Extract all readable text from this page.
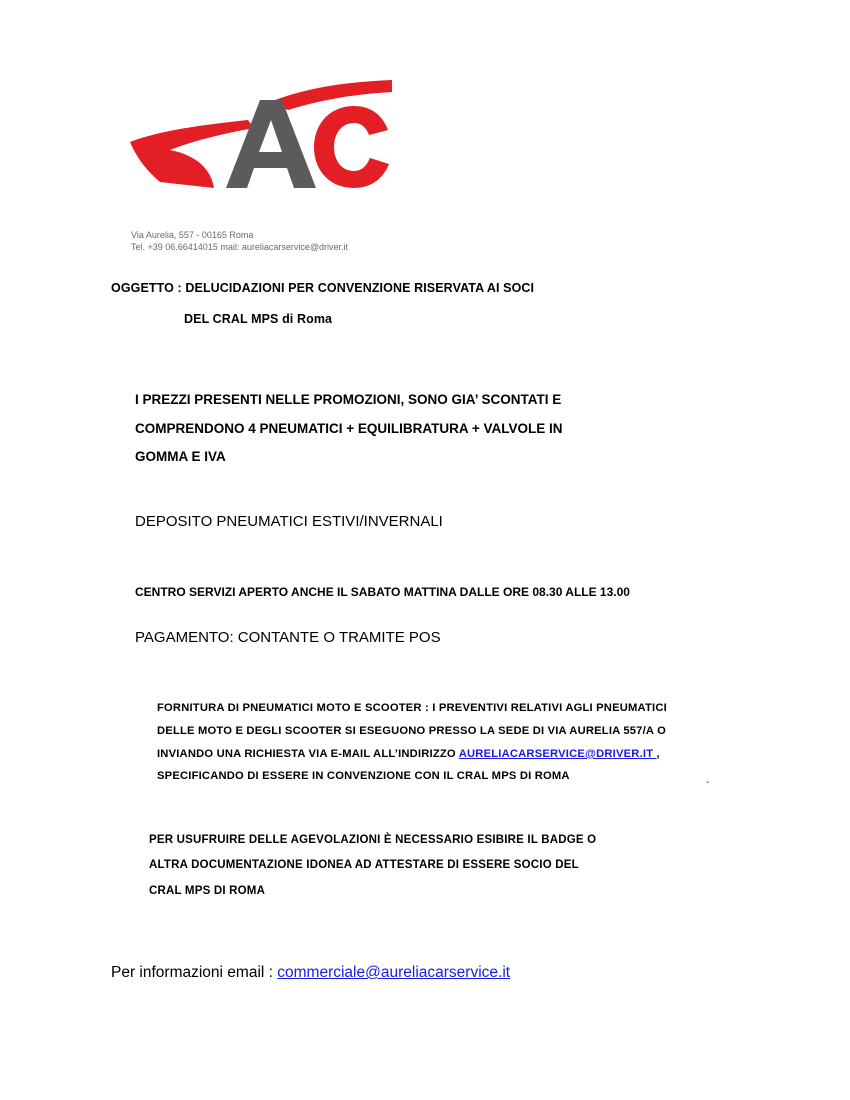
Via Aurelia, 557 - 00165 Roma
Tel. +39 06.66414015 mail: aureliacarservice@driver.it
OGGETTO : DELUCIDAZIONI PER CONVENZIONE RISERVATA AI SOCI
DEL CRAL MPS di Roma
I PREZZI PRESENTI NELLE PROMOZIONI, SONO GIA’ SCONTATI E
COMPRENDONO 4 PNEUMATICI + EQUILIBRATURA + VALVOLE IN
GOMMA E IVA
DEPOSITO PNEUMATICI ESTIVI/INVERNALI
CENTRO SERVIZI APERTO ANCHE IL SABATO MATTINA DALLE ORE 08.30 ALLE 13.00
PAGAMENTO: CONTANTE O TRAMITE POS
FORNITURA DI PNEUMATICI MOTO E SCOOTER : I PREVENTIVI RELATIVI AGLI PNEUMATICI
DELLE MOTO E DEGLI SCOOTER SI ESEGUONO PRESSO LA SEDE DI VIA AURELIA 557/A O
INVIANDO UNA RICHIESTA VIA E-MAIL ALL’INDIRIZZO AURELIACARSERVICE@DRIVER.IT ,
SPECIFICANDO DI ESSERE IN CONVENZIONE CON IL CRAL MPS DI ROMA
-
PER USUFRUIRE DELLE AGEVOLAZIONI È NECESSARIO ESIBIRE IL BADGE O
ALTRA DOCUMENTAZIONE IDONEA AD ATTESTARE DI ESSERE SOCIO DEL
CRAL MPS DI ROMA
Per informazioni email : commerciale@aureliacarservice.it
